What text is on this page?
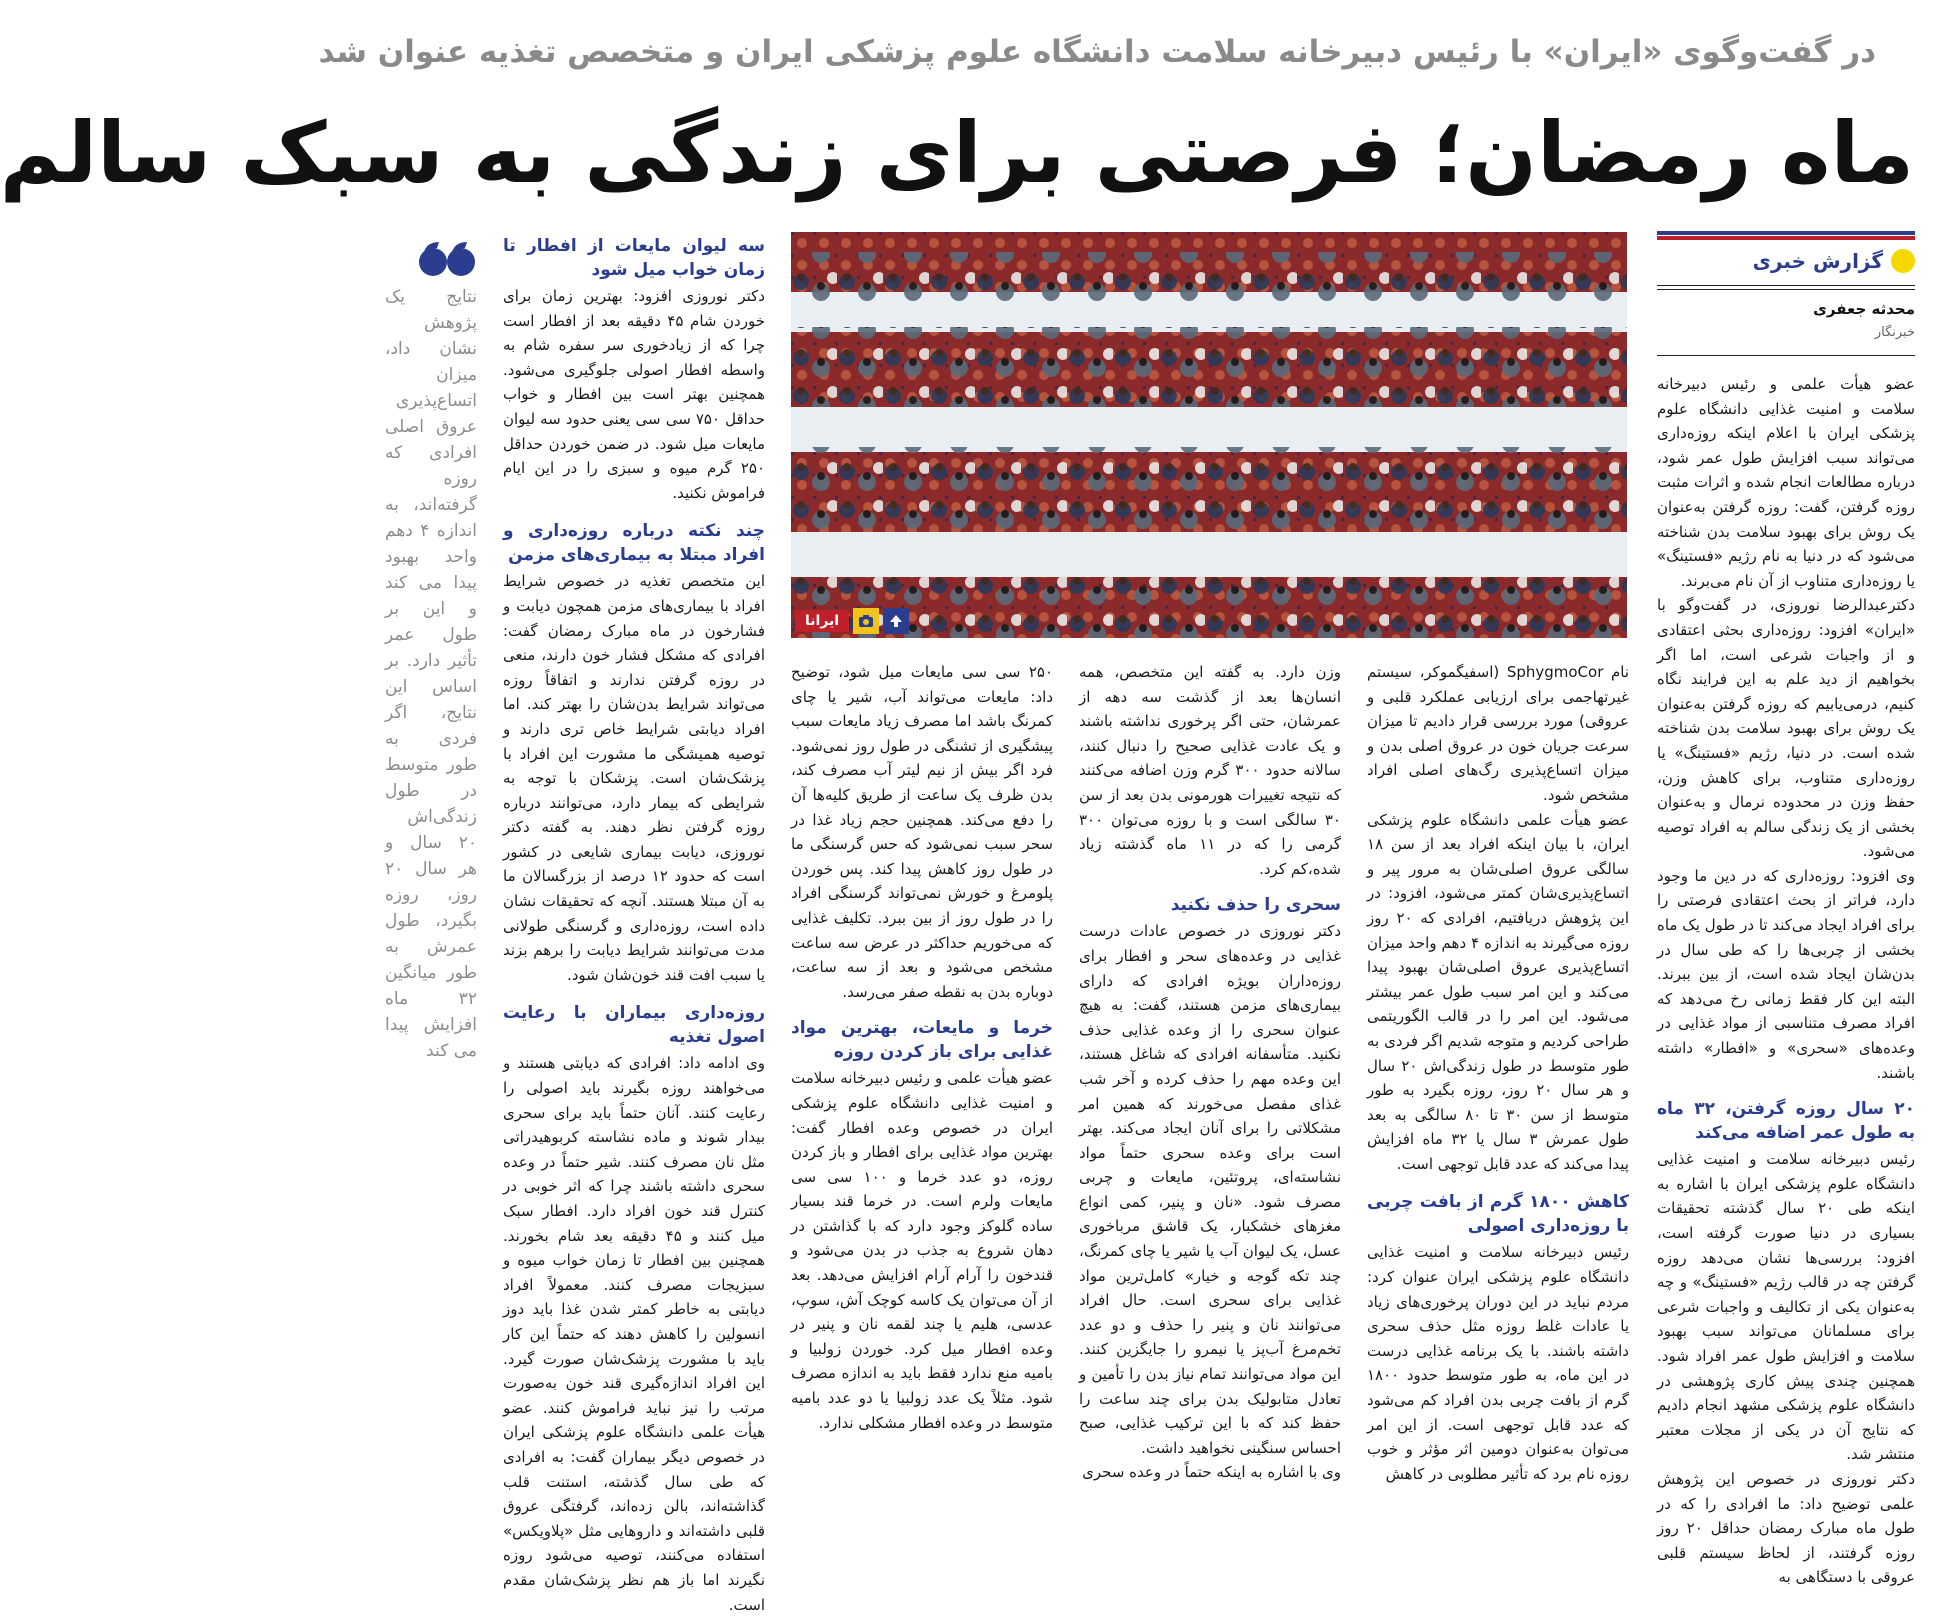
در گفت‌وگوی «ایران» با رئیس دبیرخانه سلامت دانشگاه علوم پزشکی ایران و متخصص تغذیه عنوان شد
ماه رمضان؛ فرصتی برای زندگی به سبک سالم
گزارش خبری
محدثه جعفری
خبرنگار

عضو هیأت علمی و رئیس دبیرخانه سلامت و امنیت غذایی دانشگاه علوم پزشکی ایران با اعلام اینکه روزه‌داری می‌تواند سبب افزایش طول عمر شود، درباره مطالعات انجام شده و اثرات مثبت روزه گرفتن، گفت: روزه گرفتن به‌عنوان یک روش برای بهبود سلامت بدن شناخته می‌شود که در دنیا به نام رژیم «فستینگ» یا روزه‌داری متناوب از آن نام می‌برند.

دکترعبدالرضا نوروزی، در گفت‌وگو با «ایران» افزود: روزه‌داری بحثی اعتقادی و از واجبات شرعی است، اما اگر بخواهیم از دید علم به این فرایند نگاه کنیم، درمی‌یابیم که روزه گرفتن به‌عنوان یک روش برای بهبود سلامت بدن شناخته شده است. در دنیا، رژیم «فستینگ» یا روزه‌داری متناوب، برای کاهش وزن، حفظ وزن در محدوده نرمال و به‌عنوان بخشی از یک زندگی سالم به افراد توصیه می‌شود.

وی افزود: روزه‌داری که در دین ما وجود دارد، فراتر از بحث اعتقادی فرصتی را برای افراد ایجاد می‌کند تا در طول یک ماه بخشی از چربی‌ها را که طی سال در بدن‌شان ایجاد شده است، از بین ببرند. البته این کار فقط زمانی رخ می‌دهد که افراد مصرف متناسبی از مواد غذایی در وعده‌های «سحری» و «افطار» داشته باشند.

۲۰ سال روزه گرفتن، ۳۲ ماه به طول عمر اضافه می‌کند

رئیس دبیرخانه سلامت و امنیت غذایی دانشگاه علوم پزشکی ایران با اشاره به اینکه طی ۲۰ سال گذشته تحقیقات بسیاری در دنیا صورت گرفته است، افزود: بررسی‌ها نشان می‌دهد روزه گرفتن چه در قالب رژیم «فستینگ» و چه به‌عنوان یکی از تکالیف و واجبات شرعی برای مسلمانان می‌تواند سبب بهبود سلامت و افزایش طول عمر افراد شود. همچنین چندی پیش کاری پژوهشی در دانشگاه علوم پزشکی مشهد انجام دادیم که نتایج آن در یکی از مجلات معتبر منتشر شد.

دکتر نوروزی در خصوص این پژوهش علمی توضیح داد: ما افرادی را که در طول ماه مبارک رمضان حداقل ۲۰ روز روزه گرفتند، از لحاظ سیستم قلبی عروقی با دستگاهی به

ایرانا

نام SphygmoCor (اسفیگموکر، سیستم غیرتهاجمی برای ارزیابی عملکرد قلبی و عروقی) مورد بررسی قرار دادیم تا میزان سرعت جریان خون در عروق اصلی بدن و میزان اتساع‌پذیری رگ‌های اصلی افراد مشخص شود.

عضو هیأت علمی دانشگاه علوم پزشکی ایران، با بیان اینکه افراد بعد از سن ۱۸ سالگی عروق اصلی‌شان به مرور پیر و اتساع‌پذیری‌شان کمتر می‌شود، افزود: در این پژوهش دریافتیم، افرادی که ۲۰ روز روزه می‌گیرند به اندازه ۴ دهم واحد میزان اتساع‌پذیری عروق اصلی‌شان بهبود پیدا می‌کند و این امر سبب طول عمر بیشتر می‌شود. این امر را در قالب الگوریتمی طراحی کردیم و متوجه شدیم اگر فردی به طور متوسط در طول زندگی‌اش ۲۰ سال و هر سال ۲۰ روز، روزه بگیرد به طور متوسط از سن ۳۰ تا ۸۰ سالگی به بعد طول عمرش ۳ سال یا ۳۲ ماه افزایش پیدا می‌کند که عدد قابل توجهی است.

کاهش ۱۸۰۰ گرم از بافت چربی با روزه‌داری اصولی

رئیس دبیرخانه سلامت و امنیت غذایی دانشگاه علوم پزشکی ایران عنوان کرد: مردم نباید در این دوران پرخوری‌های زیاد یا عادات غلط روزه مثل حذف سحری داشته باشند. با یک برنامه غذایی درست در این ماه، به طور متوسط حدود ۱۸۰۰ گرم از بافت چربی بدن افراد کم می‌شود که عدد قابل توجهی است. از این امر می‌توان به‌عنوان دومین اثر مؤثر و خوب روزه نام برد که تأثیر مطلوبی در کاهش

وزن دارد. به گفته این متخصص، همه انسان‌ها بعد از گذشت سه دهه از عمرشان، حتی اگر پرخوری نداشته باشند و یک عادت غذایی صحیح را دنبال کنند، سالانه حدود ۳۰۰ گرم وزن اضافه می‌کنند که نتیجه تغییرات هورمونی بدن بعد از سن ۳۰ سالگی است و با روزه می‌توان ۳۰۰ گرمی را که در ۱۱ ماه گذشته زیاد شده،کم کرد.

سحری را حذف نکنید

دکتر نوروزی در خصوص عادات درست غذایی در وعده‌های سحر و افطار برای روزه‌داران بویژه افرادی که دارای بیماری‌های مزمن هستند، گفت: به هیچ عنوان سحری را از وعده غذایی حذف نکنید. متأسفانه افرادی که شاغل هستند، این وعده مهم را حذف کرده و آخر شب غذای مفصل می‌خورند که همین امر مشکلاتی را برای آنان ایجاد می‌کند. بهتر است برای وعده سحری حتماً مواد نشاسته‌ای، پروتئین، مایعات و چربی مصرف شود. «نان و پنیر، کمی انواع مغزهای خشکبار، یک قاشق مرباخوری عسل، یک لیوان آب یا شیر یا چای کمرنگ، چند تکه گوجه و خیار» کامل‌ترین مواد غذایی برای سحری است. حال افراد می‌توانند نان و پنیر را حذف و دو عدد تخم‌مرغ آب‌پز یا نیمرو را جایگزین کنند. این مواد می‌توانند تمام نیاز بدن را تأمین و تعادل متابولیک بدن برای چند ساعت را حفظ کند که با این ترکیب غذایی، صبح احساس سنگینی نخواهید داشت.

وی با اشاره به اینکه حتماً در وعده سحری

۲۵۰ سی سی مایعات میل شود، توضیح داد: مایعات می‌تواند آب، شیر یا چای کمرنگ باشد اما مصرف زیاد مایعات سبب پیشگیری از تشنگی در طول روز نمی‌شود. فرد اگر بیش از نیم لیتر آب مصرف کند، بدن ظرف یک ساعت از طریق کلیه‌ها آن را دفع می‌کند. همچنین حجم زیاد غذا در سحر سبب نمی‌شود که حس گرسنگی ما در طول روز کاهش پیدا کند. پس خوردن پلومرغ و خورش نمی‌تواند گرسنگی افراد را در طول روز از بین ببرد. تکلیف غذایی که می‌خوریم حداکثر در عرض سه ساعت مشخص می‌شود و بعد از سه ساعت، دوباره بدن به نقطه صفر می‌رسد.

خرما و مایعات، بهترین مواد غذایی برای باز کردن روزه

عضو هیأت علمی و رئیس دبیرخانه سلامت و امنیت غذایی دانشگاه علوم پزشکی ایران در خصوص وعده افطار گفت: بهترین مواد غذایی برای افطار و باز کردن روزه، دو عدد خرما و ۱۰۰ سی سی مایعات ولرم است. در خرما قند بسیار ساده گلوکز وجود دارد که با گذاشتن در دهان شروع به جذب در بدن می‌شود و قندخون را آرام آرام افزایش می‌دهد. بعد از آن می‌توان یک کاسه کوچک آش، سوپ، عدسی، هلیم یا چند لقمه نان و پنیر در وعده افطار میل کرد. خوردن زولبیا و بامیه منع ندارد فقط باید به اندازه مصرف شود. مثلاً یک عدد زولبیا یا دو عدد بامیه متوسط در وعده افطار مشکلی ندارد.

سه لیوان مایعات از افطار تا زمان خواب میل شود

دکتر نوروزی افزود: بهترین زمان برای خوردن شام ۴۵ دقیقه بعد از افطار است چرا که از زیادخوری سر سفره شام به واسطه افطار اصولی جلوگیری می‌شود. همچنین بهتر است بین افطار و خواب حداقل ۷۵۰ سی سی یعنی حدود سه لیوان مایعات میل شود. در ضمن خوردن حداقل ۲۵۰ گرم میوه و سبزی را در این ایام فراموش نکنید.

چند نکته درباره روزه‌داری و افراد مبتلا به بیماری‌های مزمن

این متخصص تغذیه در خصوص شرایط افراد با بیماری‌های مزمن همچون دیابت و فشارخون در ماه مبارک رمضان گفت: افرادی که مشکل فشار خون دارند، منعی در روزه گرفتن ندارند و اتفاقاً روزه می‌تواند شرایط بدن‌شان را بهتر کند. اما افراد دیابتی شرایط خاص تری دارند و توصیه همیشگی ما مشورت این افراد با پزشک‌شان است. پزشکان با توجه به شرایطی که بیمار دارد، می‌توانند درباره روزه گرفتن نظر دهند. به گفته دکتر نوروزی، دیابت بیماری شایعی در کشور است که حدود ۱۲ درصد از بزرگسالان ما به آن مبتلا هستند. آنچه که تحقیقات نشان داده است، روزه‌داری و گرسنگی طولانی مدت می‌توانند شرایط دیابت را برهم بزند یا سبب افت قند خون‌شان شود.

روزه‌داری بیماران با رعایت اصول تغذیه

وی ادامه داد: افرادی که دیابتی هستند و می‌خواهند روزه بگیرند باید اصولی را رعایت کنند. آنان حتماً باید برای سحری بیدار شوند و ماده نشاسته کربوهیدراتی مثل نان مصرف کنند. شیر حتماً در وعده سحری داشته باشند چرا که اثر خوبی در کنترل قند خون افراد دارد. افطار سبک میل کنند و ۴۵ دقیقه بعد شام بخورند. همچنین بین افطار تا زمان خواب میوه و سبزیجات مصرف کنند. معمولاً افراد دیابتی به خاطر کمتر شدن غذا باید دوز انسولین را کاهش دهند که حتماً این کار باید با مشورت پزشک‌شان صورت گیرد. این افراد اندازه‌گیری قند خون به‌صورت مرتب را نیز نباید فراموش کنند. عضو هیأت علمی دانشگاه علوم پزشکی ایران در خصوص دیگر بیماران گفت: به افرادی که طی سال گذشته، استنت قلب گذاشته‌اند، بالن زده‌اند، گرفتگی عروق قلبی داشته‌اند و داروهایی مثل «پلاویکس» استفاده می‌کنند، توصیه می‌شود روزه نگیرند اما باز هم نظر پزشک‌شان مقدم است.

نتایج یک پژوهش نشان داد، میزان اتساع‌پذیری عروق اصلی افرادی که روزه گرفته‌اند، به اندازه ۴ دهم واحد بهبود پیدا می کند و این بر طول عمر تأثیر دارد. بر اساس این نتایج، اگر فردی به طور متوسط در طول زندگی‌اش ۲۰ سال و هر سال ۲۰ روز، روزه بگیرد، طول عمرش به طور میانگین ۳۲ ماه افزایش پیدا می کند
